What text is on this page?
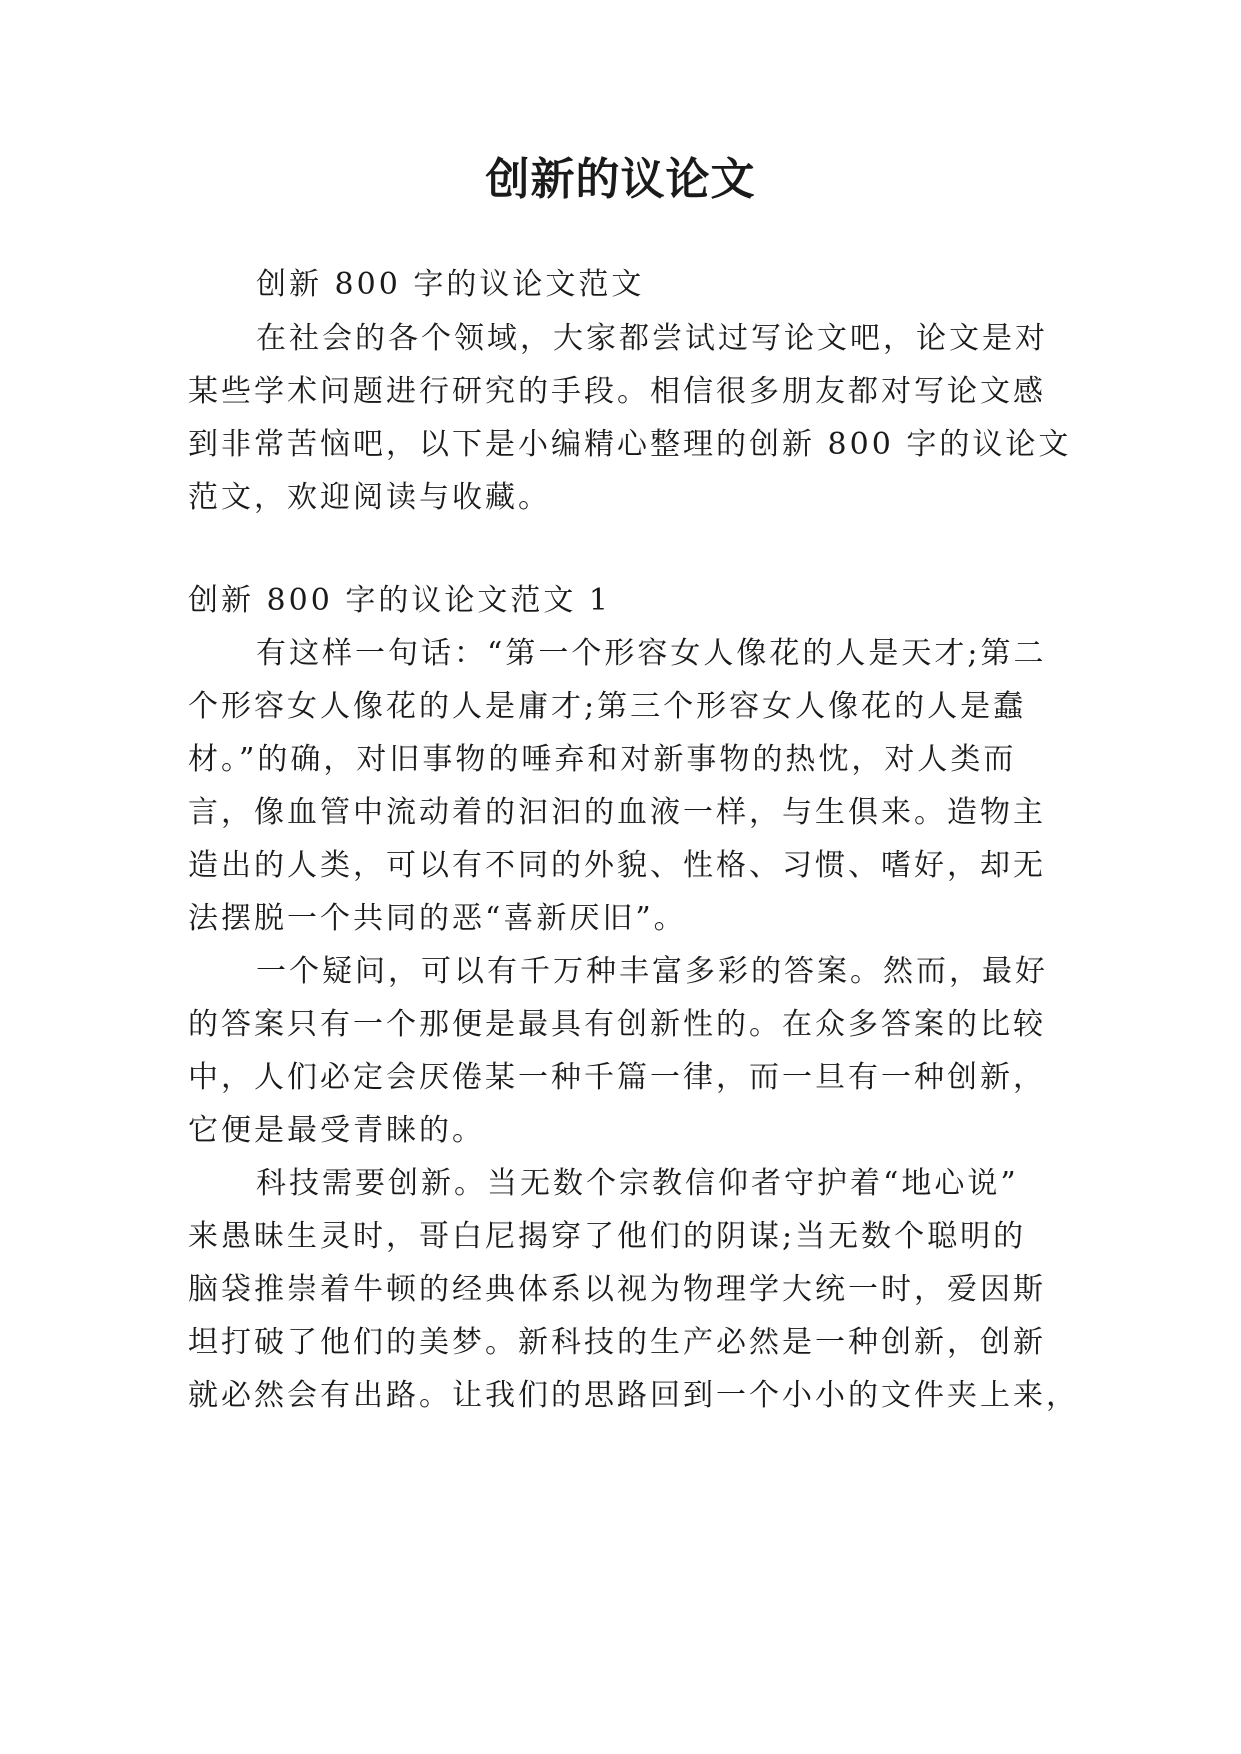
创新的议论文

创新 800 字的议论文范文

在社会的各个领域，大家都尝试过写论文吧，论文是对

某些学术问题进行研究的手段。相信很多朋友都对写论文感

到非常苦恼吧，以下是小编精心整理的创新 800 字的议论文

范文，欢迎阅读与收藏。

创新 800 字的议论文范文 1

有这样一句话：“第一个形容女人像花的人是天才;第二

个形容女人像花的人是庸才;第三个形容女人像花的人是蠢

材。”的确，对旧事物的唾弃和对新事物的热忱，对人类而

言，像血管中流动着的汩汩的血液一样，与生俱来。造物主

造出的人类，可以有不同的外貌、性格、习惯、嗜好，却无

法摆脱一个共同的恶“喜新厌旧”。

一个疑问，可以有千万种丰富多彩的答案。然而，最好

的答案只有一个那便是最具有创新性的。在众多答案的比较

中，人们必定会厌倦某一种千篇一律，而一旦有一种创新，

它便是最受青睐的。

科技需要创新。当无数个宗教信仰者守护着“地心说”

来愚昧生灵时，哥白尼揭穿了他们的阴谋;当无数个聪明的

脑袋推崇着牛顿的经典体系以视为物理学大统一时，爱因斯

坦打破了他们的美梦。新科技的生产必然是一种创新，创新

就必然会有出路。让我们的思路回到一个小小的文件夹上来，
